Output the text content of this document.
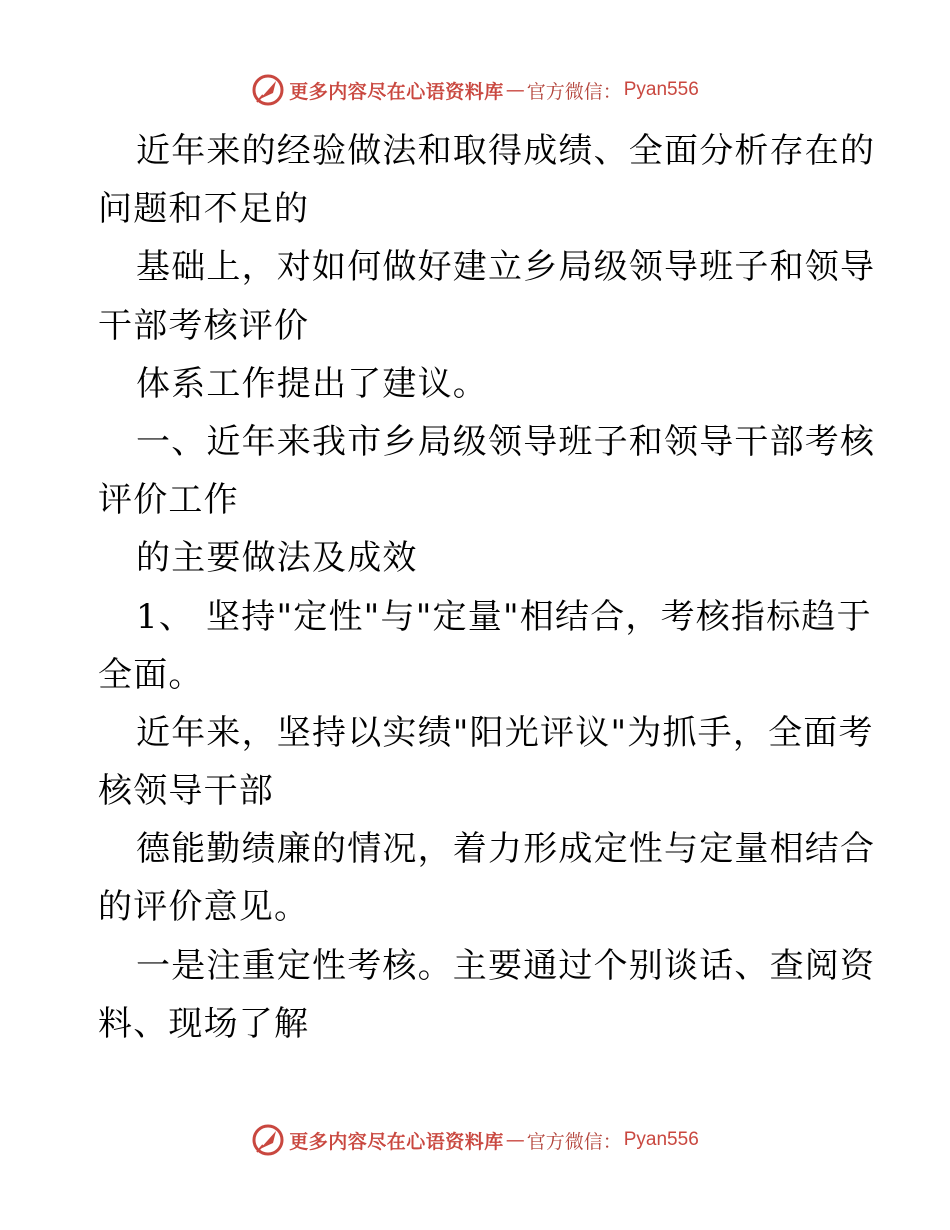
更多内容尽在心语资料库 — 官方微信： Pyan556
近年来的经验做法和取得成绩、全面分析存在的
问题和不足的
基础上，对如何做好建立乡局级领导班子和领导
干部考核评价
体系工作提出了建议。
一、近年来我市乡局级领导班子和领导干部考核
评价工作
的主要做法及成效
1、 坚持"定性"与"定量"相结合，考核指标趋于
全面。
近年来，坚持以实绩"阳光评议"为抓手，全面考
核领导干部
德能勤绩廉的情况，着力形成定性与定量相结合
的评价意见。
一是注重定性考核。主要通过个别谈话、查阅资
料、现场了解
更多内容尽在心语资料库 — 官方微信： Pyan556
